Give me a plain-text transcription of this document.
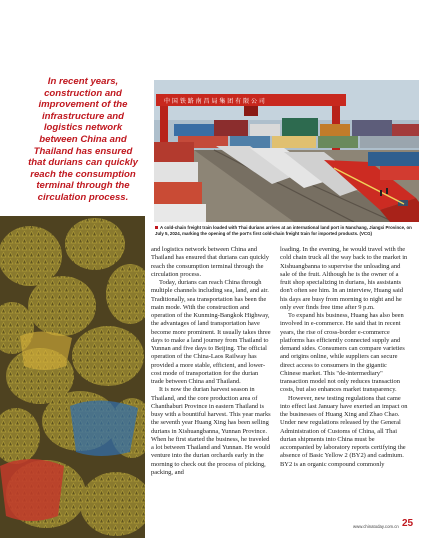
In recent years, construction and improvement of the infrastructure and logistics network between China and Thailand has ensured that durians can quickly reach the consumption terminal through the circulation process.
中 国 铁 路 南 昌 局 集 团 有 限 公 司
A cold-chain freight train loaded with Thai durians arrives at an international land port in Nanchang, Jiangxi Province, on July 5, 2024, marking the opening of the port's first cold-chain freight train for imported products. (VCG)

and logistics network between China and Thailand has ensured that durians can quickly reach the consumption terminal through the circulation process.

Today, durians can reach China through multiple channels including sea, land, and air. Traditionally, sea transportation has been the main mode. With the construction and operation of the Kunming-Bangkok Highway, the advantages of land transportation have become more prominent. It usually takes three days to make a land journey from Thailand to Yunnan and five days to Beijing. The official operation of the China-Laos Railway has provided a more stable, efficient, and lower-cost mode of transportation for the durian trade between China and Thailand.

It is now the durian harvest season in Thailand, and the core production area of Chanthaburi Province in eastern Thailand is busy with a bountiful harvest. This year marks the seventh year Huang Xing has been selling durians in Xishuangbanna, Yunnan Province. When he first started the business, he traveled a lot between Thailand and Yunnan. He would venture into the durian orchards early in the morning to check out the process of picking, packing, and

loading. In the evening, he would travel with the cold chain truck all the way back to the market in Xishuangbanna to supervise the unloading and sale of the fruit. Although he is the owner of a fruit shop specializing in durians, his assistants don't often see him. In an interview, Huang said his days are busy from morning to night and he only ever finds free time after 9 p.m.

To expand his business, Huang has also been involved in e-commerce. He said that in recent years, the rise of cross-border e-commerce platforms has efficiently connected supply and demand sides. Consumers can compare varieties and origins online, while suppliers can secure direct access to consumers in the gigantic Chinese market. This "de-intermediary" transaction model not only reduces transaction costs, but also enhances market transparency.

However, new testing regulations that came into effect last January have exerted an impact on the businesses of Huang Xing and Zhao Chao. Under new regulations released by the General Administration of Customs of China, all Thai durian shipments into China must be accompanied by laboratory reports certifying the absence of Basic Yellow 2 (BY2) and cadmium. BY2 is an organic compound commonly

www.chinatoday.com.cn 25
